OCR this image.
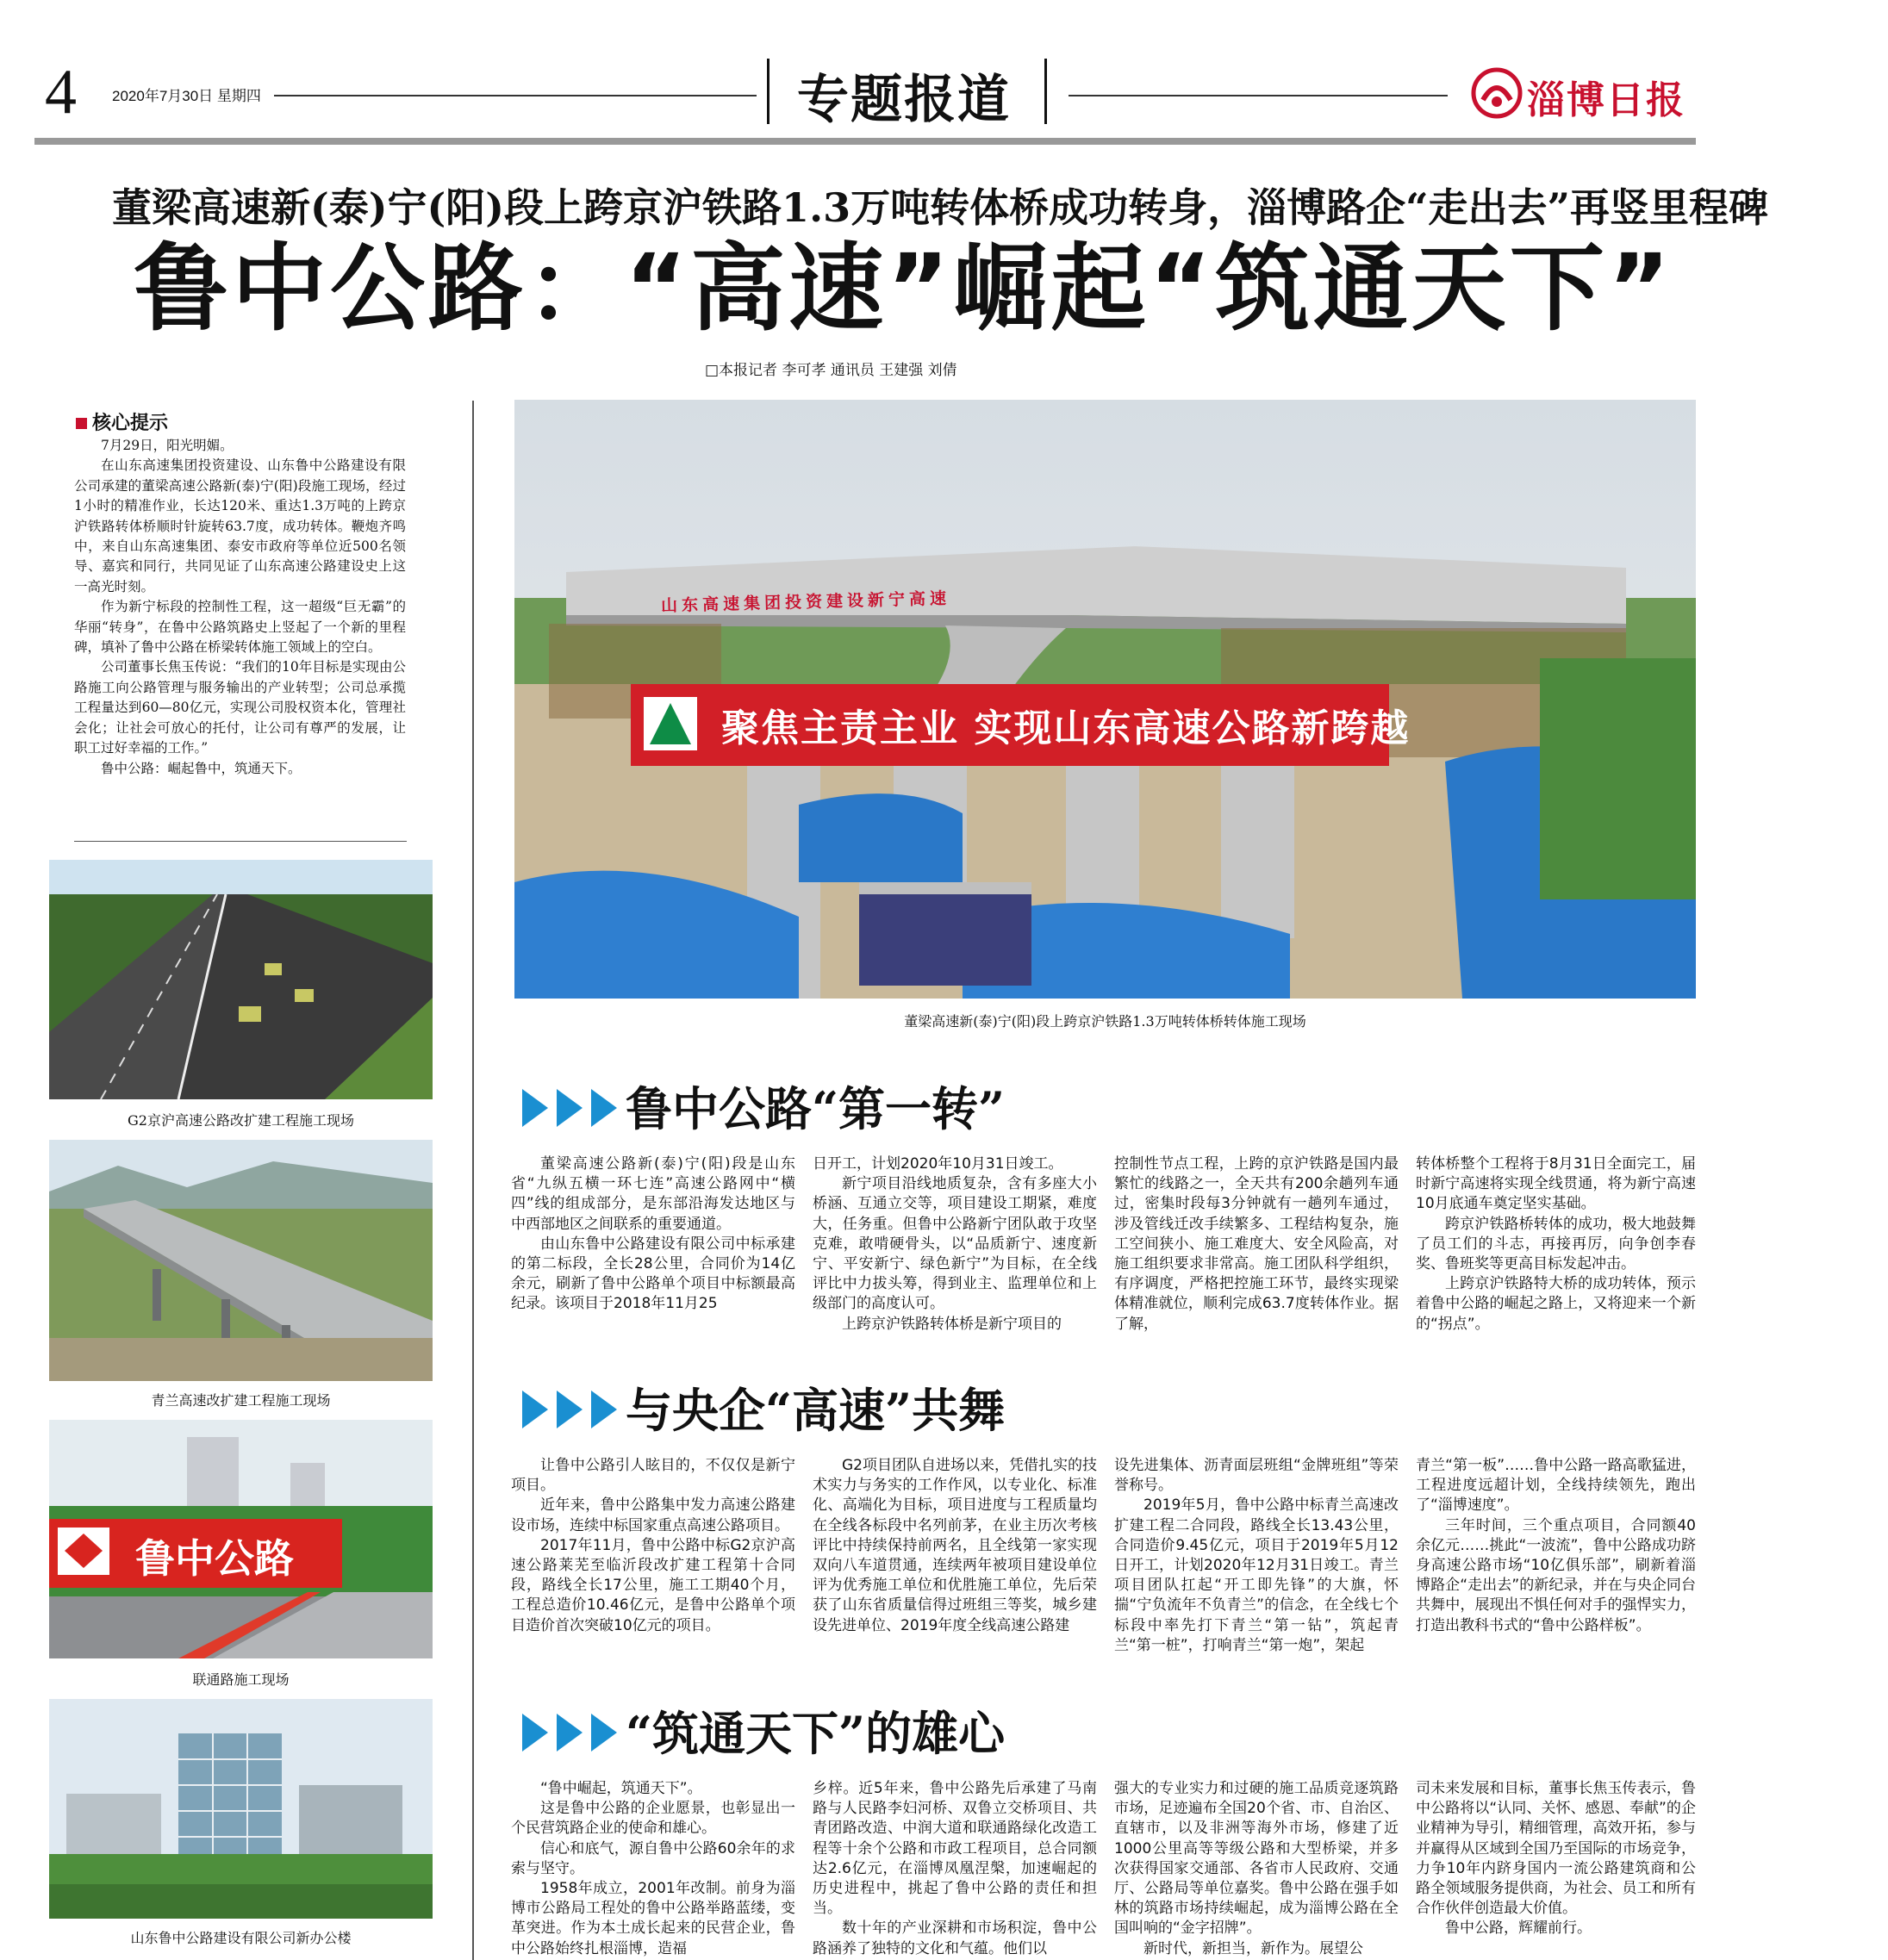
4 2020年7月30日 星期四	专题报道	淄博日报
董梁高速新(泰)宁(阳)段上跨京沪铁路1.3万吨转体桥成功转身，淄博路企“走出去”再竖里程碑
鲁中公路：“高速”崛起“筑通天下”
□本报记者 李可孝 通讯员 王建强 刘倩
核心提示

7月29日，阳光明媚。

在山东高速集团投资建设、山东鲁中公路建设有限公司承建的董梁高速公路新(泰)宁(阳)段施工现场，经过1小时的精准作业，长达120米、重达1.3万吨的上跨京沪铁路转体桥顺时针旋转63.7度，成功转体。鞭炮齐鸣中，来自山东高速集团、泰安市政府等单位近500名领导、嘉宾和同行，共同见证了山东高速公路建设史上这一高光时刻。

作为新宁标段的控制性工程，这一超级“巨无霸”的华丽“转身”，在鲁中公路筑路史上竖起了一个新的里程碑，填补了鲁中公路在桥梁转体施工领域上的空白。

公司董事长焦玉传说：“我们的10年目标是实现由公路施工向公路管理与服务输出的产业转型；公司总承揽工程量达到60—80亿元，实现公司股权资本化，管理社会化；让社会可放心的托付，让公司有尊严的发展，让职工过好幸福的工作。”

鲁中公路：崛起鲁中，筑通天下。

G2京沪高速公路改扩建工程施工现场
青兰高速改扩建工程施工现场
鲁中公路
联通路施工现场
山东鲁中公路建设有限公司新办公楼
山东高速集团投资建设新宁高速
聚焦主责主业 实现山东高速公路新跨越
董梁高速新(泰)宁(阳)段上跨京沪铁路1.3万吨转体桥转体施工现场
鲁中公路“第一转”

董梁高速公路新(泰)宁(阳)段是山东省“九纵五横一环七连”高速公路网中“横四”线的组成部分，是东部沿海发达地区与中西部地区之间联系的重要通道。

由山东鲁中公路建设有限公司中标承建的第二标段，全长28公里，合同价为14亿余元，刷新了鲁中公路单个项目中标额最高纪录。该项目于2018年11月25

日开工，计划2020年10月31日竣工。

新宁项目沿线地质复杂，含有多座大小桥涵、互通立交等，项目建设工期紧，难度大，任务重。但鲁中公路新宁团队敢于攻坚克难，敢啃硬骨头，以“品质新宁、速度新宁、平安新宁、绿色新宁”为目标，在全线评比中力拔头筹，得到业主、监理单位和上级部门的高度认可。

上跨京沪铁路转体桥是新宁项目的

控制性节点工程，上跨的京沪铁路是国内最繁忙的线路之一，全天共有200余趟列车通过，密集时段每3分钟就有一趟列车通过，涉及管线迁改手续繁多、工程结构复杂，施工空间狭小、施工难度大、安全风险高，对施工组织要求非常高。施工团队科学组织，有序调度，严格把控施工环节，最终实现梁体精准就位，顺利完成63.7度转体作业。据了解，

转体桥整个工程将于8月31日全面完工，届时新宁高速将实现全线贯通，将为新宁高速10月底通车奠定坚实基础。

跨京沪铁路桥转体的成功，极大地鼓舞了员工们的斗志，再接再厉，向争创李春奖、鲁班奖等更高目标发起冲击。

上跨京沪铁路特大桥的成功转体，预示着鲁中公路的崛起之路上，又将迎来一个新的“拐点”。

与央企“高速”共舞

让鲁中公路引人眩目的，不仅仅是新宁项目。

近年来，鲁中公路集中发力高速公路建设市场，连续中标国家重点高速公路项目。

2017年11月，鲁中公路中标G2京沪高速公路莱芜至临沂段改扩建工程第十合同段，路线全长17公里，施工工期40个月，工程总造价10.46亿元，是鲁中公路单个项目造价首次突破10亿元的项目。

G2项目团队自进场以来，凭借扎实的技术实力与务实的工作作风，以专业化、标准化、高端化为目标，项目进度与工程质量均在全线各标段中名列前茅，在业主历次考核评比中持续保持前两名，且全线第一家实现双向八车道贯通，连续两年被项目建设单位评为优秀施工单位和优胜施工单位，先后荣获了山东省质量信得过班组三等奖，城乡建设先进单位、2019年度全线高速公路建

设先进集体、沥青面层班组“金牌班组”等荣誉称号。

2019年5月，鲁中公路中标青兰高速改扩建工程二合同段，路线全长13.43公里，合同造价9.45亿元，项目于2019年5月12日开工，计划2020年12月31日竣工。青兰项目团队扛起“开工即先锋”的大旗，怀揣“宁负流年不负青兰”的信念，在全线七个标段中率先打下青兰“第一钻”，筑起青兰“第一桩”，打响青兰“第一炮”，架起

青兰“第一板”……鲁中公路一路高歌猛进，工程进度远超计划，全线持续领先，跑出了“淄博速度”。

三年时间，三个重点项目，合同额40余亿元……挑此“一波流”，鲁中公路成功跻身高速公路市场“10亿俱乐部”，刷新着淄博路企“走出去”的新纪录，并在与央企同台共舞中，展现出不惧任何对手的强悍实力，打造出教科书式的“鲁中公路样板”。

“筑通天下”的雄心

“鲁中崛起，筑通天下”。

这是鲁中公路的企业愿景，也彰显出一个民营筑路企业的使命和雄心。

信心和底气，源自鲁中公路60余年的求索与坚守。

1958年成立，2001年改制。前身为淄博市公路局工程处的鲁中公路举路蓝缕，变革突进。作为本土成长起来的民营企业，鲁中公路始终扎根淄博，造福

乡梓。近5年来，鲁中公路先后承建了马南路与人民路李妇河桥、双鲁立交桥项目、共青团路改造、中润大道和联通路绿化改造工程等十余个公路和市政工程项目，总合同额达2.6亿元，在淄博凤凰涅槃，加速崛起的历史进程中，挑起了鲁中公路的责任和担当。

数十年的产业深耕和市场积淀，鲁中公路涵养了独特的文化和气蕴。他们以

强大的专业实力和过硬的施工品质竞逐筑路市场，足迹遍布全国20个省、市、自治区、直辖市，以及非洲等海外市场，修建了近1000公里高等等级公路和大型桥梁，并多次获得国家交通部、各省市人民政府、交通厅、公路局等单位嘉奖。鲁中公路在强手如林的筑路市场持续崛起，成为淄博公路在全国叫响的“金字招牌”。

新时代，新担当，新作为。展望公

司未来发展和目标，董事长焦玉传表示，鲁中公路将以“认同、关怀、感恩、奉献”的企业精神为导引，精细管理，高效开拓，参与并赢得从区域到全国乃至国际的市场竞争，力争10年内跻身国内一流公路建筑商和公路全领域服务提供商，为社会、员工和所有合作伙伴创造最大价值。

鲁中公路，辉耀前行。
